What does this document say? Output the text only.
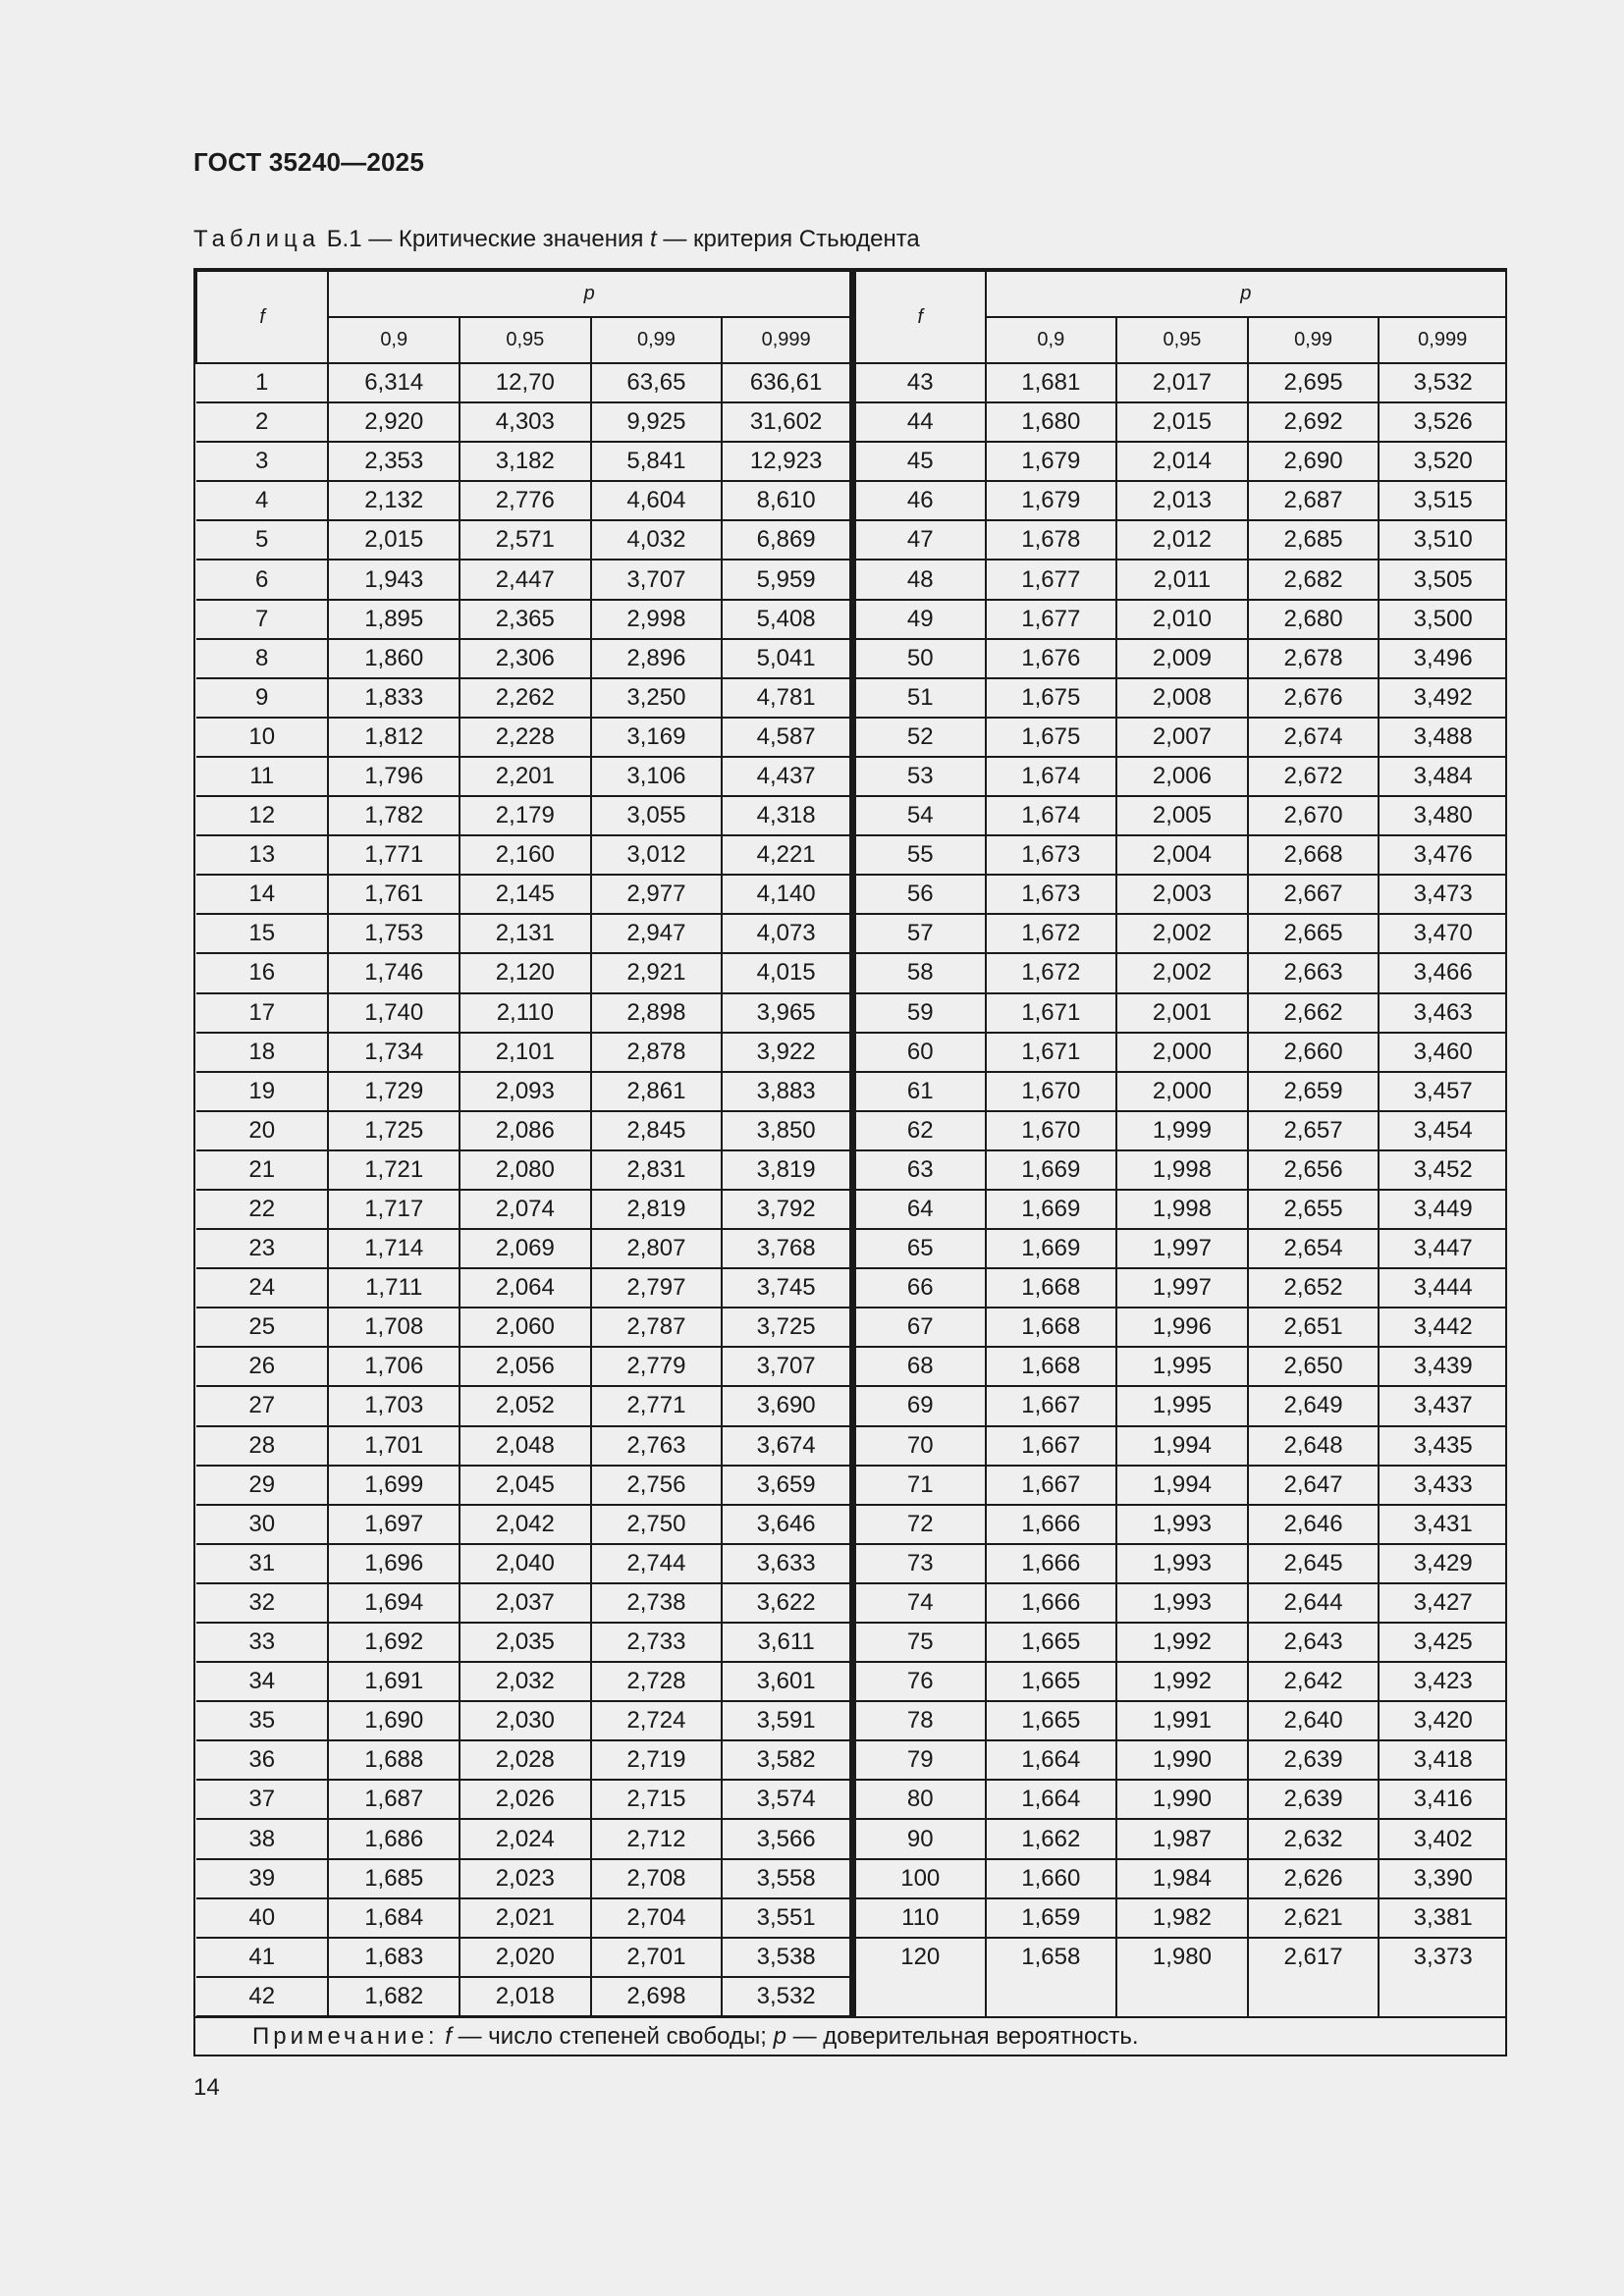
ГОСТ 35240—2025
Таблица Б.1 — Критические значения t — критерия Стьюдента
f	p			
	0,9	0,95	0,99	0,999
1	6,314	12,70	63,65	636,61
2	2,920	4,303	9,925	31,602
3	2,353	3,182	5,841	12,923
4	2,132	2,776	4,604	8,610
5	2,015	2,571	4,032	6,869
6	1,943	2,447	3,707	5,959
7	1,895	2,365	2,998	5,408
8	1,860	2,306	2,896	5,041
9	1,833	2,262	3,250	4,781
10	1,812	2,228	3,169	4,587
11	1,796	2,201	3,106	4,437
12	1,782	2,179	3,055	4,318
13	1,771	2,160	3,012	4,221
14	1,761	2,145	2,977	4,140
15	1,753	2,131	2,947	4,073
16	1,746	2,120	2,921	4,015
17	1,740	2,110	2,898	3,965
18	1,734	2,101	2,878	3,922
19	1,729	2,093	2,861	3,883
20	1,725	2,086	2,845	3,850
21	1,721	2,080	2,831	3,819
22	1,717	2,074	2,819	3,792
23	1,714	2,069	2,807	3,768
24	1,711	2,064	2,797	3,745
25	1,708	2,060	2,787	3,725
26	1,706	2,056	2,779	3,707
27	1,703	2,052	2,771	3,690
28	1,701	2,048	2,763	3,674
29	1,699	2,045	2,756	3,659
30	1,697	2,042	2,750	3,646
31	1,696	2,040	2,744	3,633
32	1,694	2,037	2,738	3,622
33	1,692	2,035	2,733	3,611
34	1,691	2,032	2,728	3,601
35	1,690	2,030	2,724	3,591
36	1,688	2,028	2,719	3,582
37	1,687	2,026	2,715	3,574
38	1,686	2,024	2,712	3,566
39	1,685	2,023	2,708	3,558
40	1,684	2,021	2,704	3,551
41	1,683	2,020	2,701	3,538
42	1,682	2,018	2,698	3,532
f	p			
	0,9	0,95	0,99	0,999
43	1,681	2,017	2,695	3,532
44	1,680	2,015	2,692	3,526
45	1,679	2,014	2,690	3,520
46	1,679	2,013	2,687	3,515
47	1,678	2,012	2,685	3,510
48	1,677	2,011	2,682	3,505
49	1,677	2,010	2,680	3,500
50	1,676	2,009	2,678	3,496
51	1,675	2,008	2,676	3,492
52	1,675	2,007	2,674	3,488
53	1,674	2,006	2,672	3,484
54	1,674	2,005	2,670	3,480
55	1,673	2,004	2,668	3,476
56	1,673	2,003	2,667	3,473
57	1,672	2,002	2,665	3,470
58	1,672	2,002	2,663	3,466
59	1,671	2,001	2,662	3,463
60	1,671	2,000	2,660	3,460
61	1,670	2,000	2,659	3,457
62	1,670	1,999	2,657	3,454
63	1,669	1,998	2,656	3,452
64	1,669	1,998	2,655	3,449
65	1,669	1,997	2,654	3,447
66	1,668	1,997	2,652	3,444
67	1,668	1,996	2,651	3,442
68	1,668	1,995	2,650	3,439
69	1,667	1,995	2,649	3,437
70	1,667	1,994	2,648	3,435
71	1,667	1,994	2,647	3,433
72	1,666	1,993	2,646	3,431
73	1,666	1,993	2,645	3,429
74	1,666	1,993	2,644	3,427
75	1,665	1,992	2,643	3,425
76	1,665	1,992	2,642	3,423
78	1,665	1,991	2,640	3,420
79	1,664	1,990	2,639	3,418
80	1,664	1,990	2,639	3,416
90	1,662	1,987	2,632	3,402
100	1,660	1,984	2,626	3,390
110	1,659	1,982	2,621	3,381
120	1,658	1,980	2,617	3,373

Примечание: f — число степеней свободы; p — доверительная вероятность.
14
